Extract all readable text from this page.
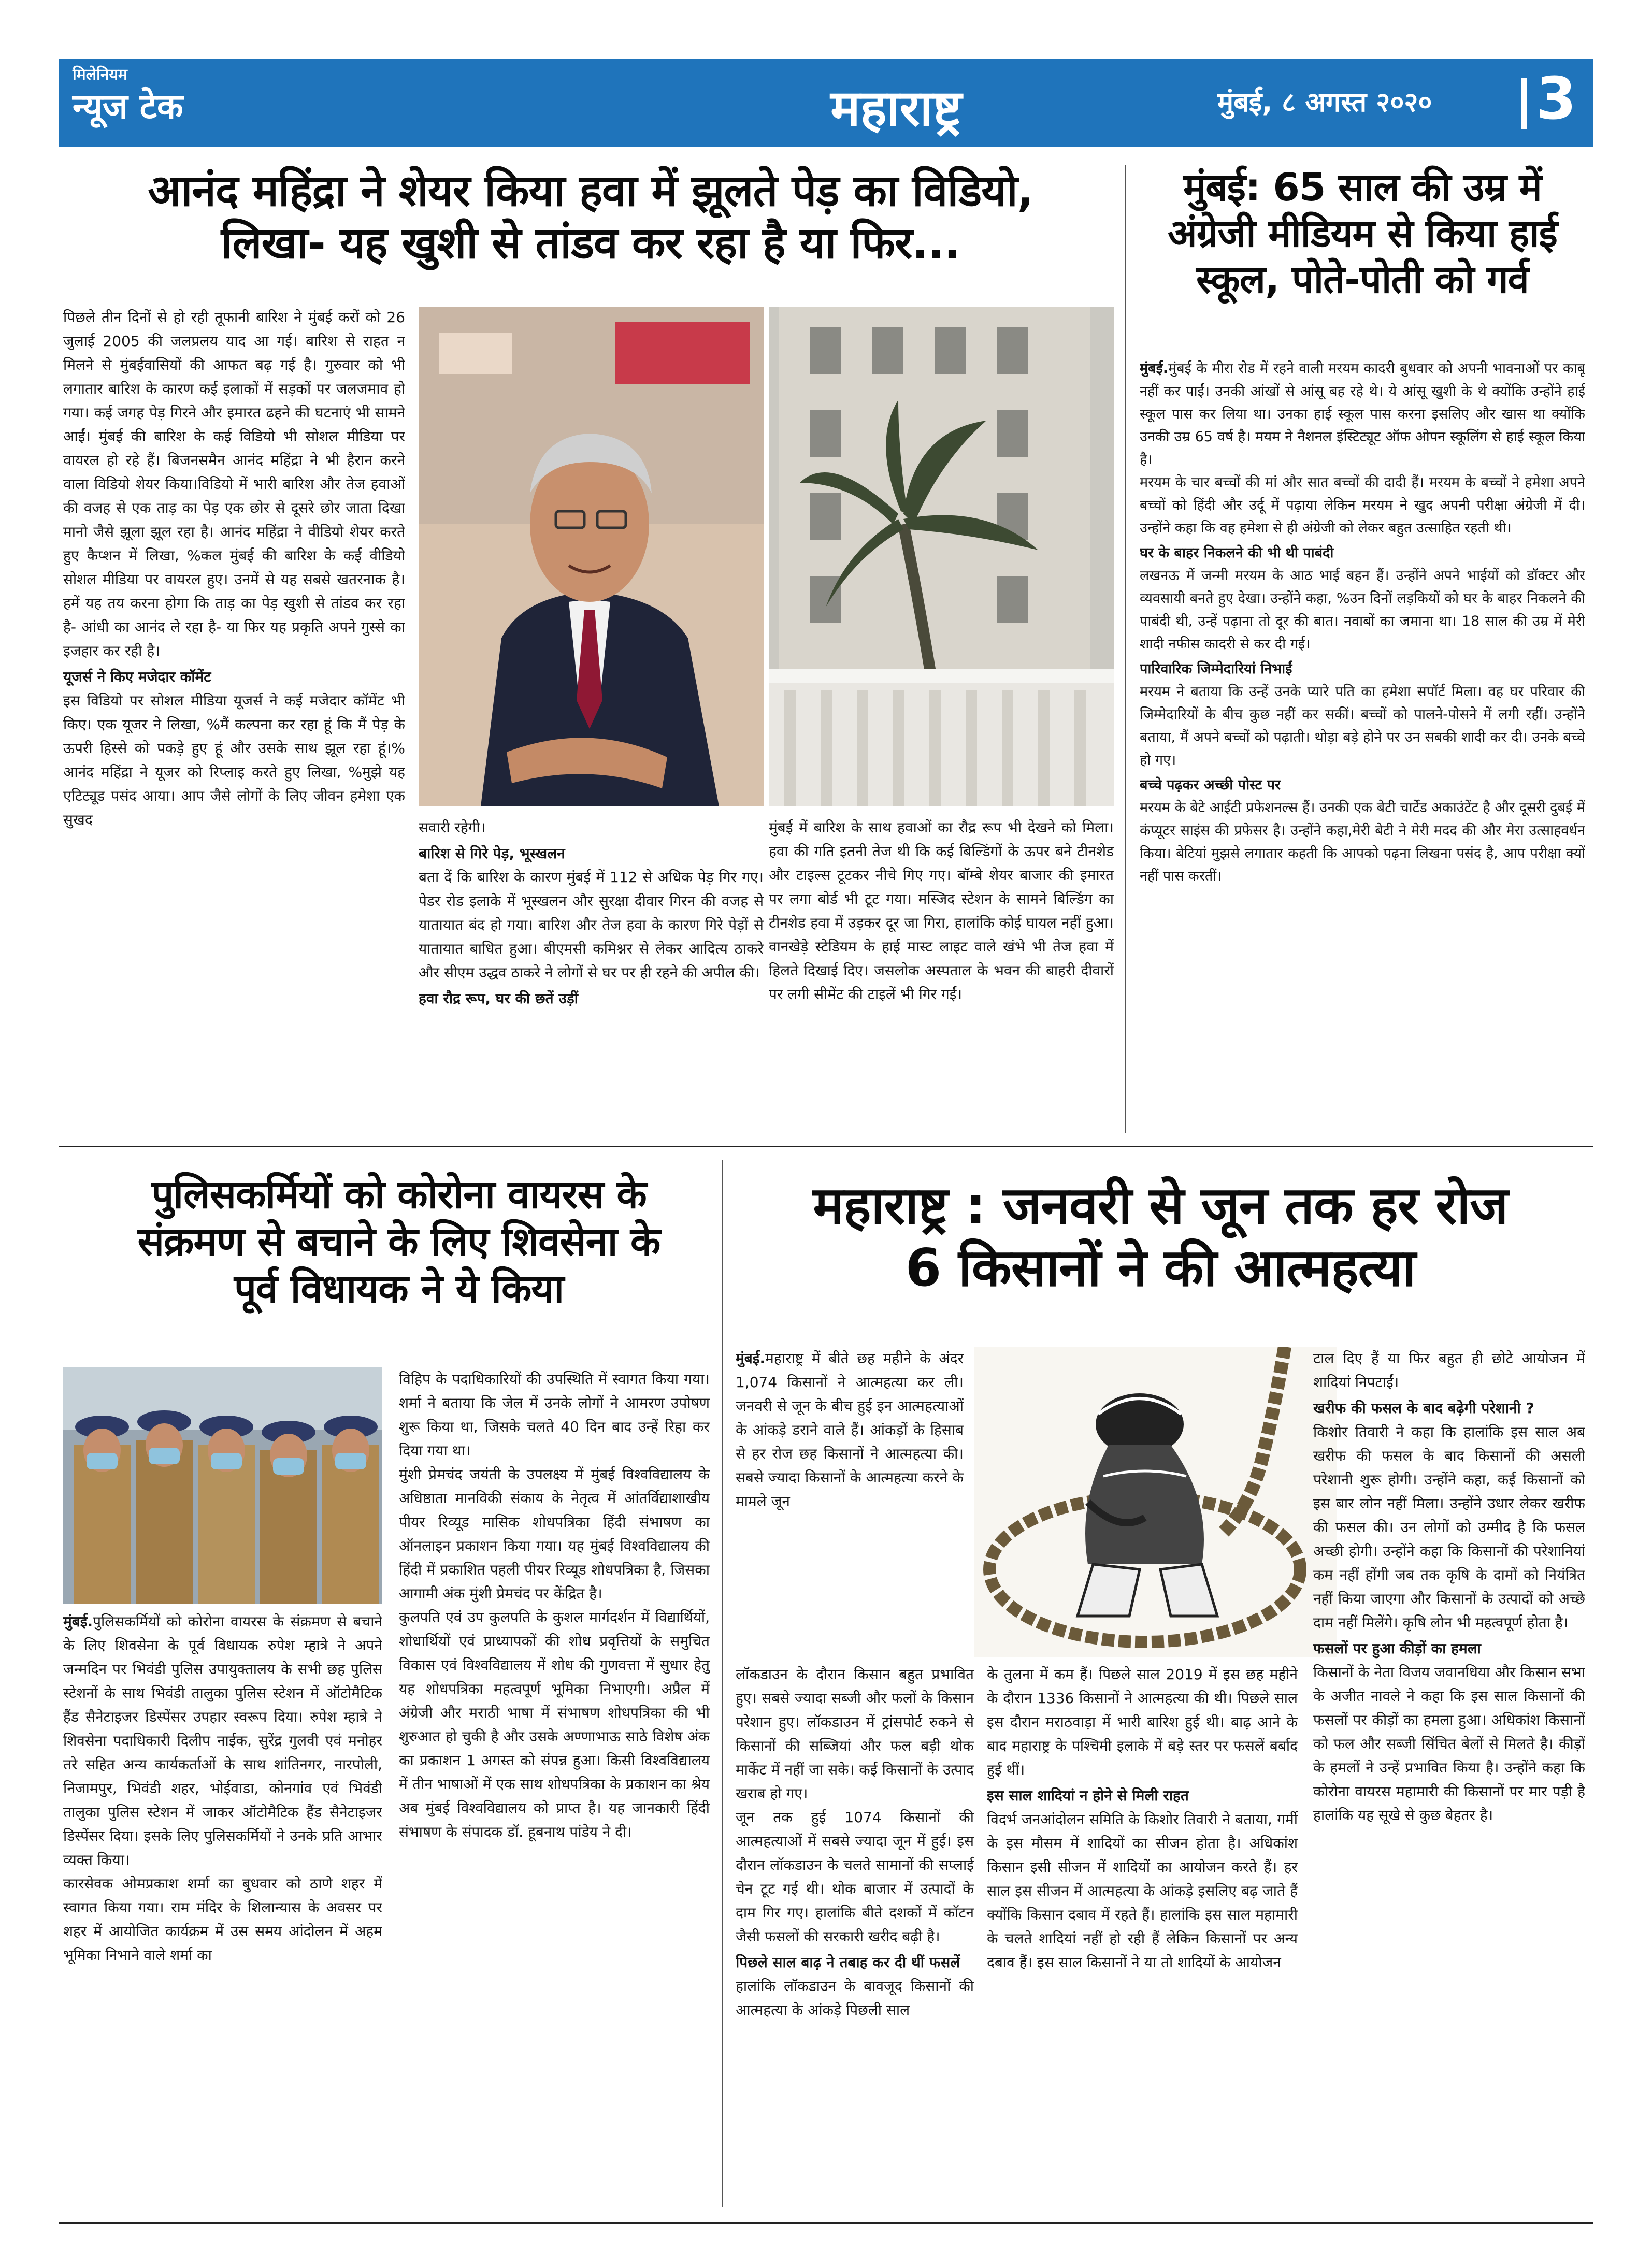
मिलेनियम
न्यूज टेक	महाराष्ट्र	मुंबई, ८ अगस्त २०२० 3
आनंद महिंद्रा ने शेयर किया हवा में झूलते पेड़ का विडियो,
लिखा- यह खुशी से तांडव कर रहा है या फिर...

पिछले तीन दिनों से हो रही तूफानी बारिश ने मुंबई करों को 26 जुलाई 2005 की जलप्रलय याद आ गई। बारिश से राहत न मिलने से मुंबईवासियों की आफत बढ़ गई है। गुरुवार को भी लगातार बारिश के कारण कई इलाकों में सड़कों पर जलजमाव हो गया। कई जगह पेड़ गिरने और इमारत ढहने की घटनाएं भी सामने आईं। मुंबई की बारिश के कई विडियो भी सोशल मीडिया पर वायरल हो रहे हैं। बिजनसमैन आनंद महिंद्रा ने भी हैरान करने वाला विडियो शेयर किया।विडियो में भारी बारिश और तेज हवाओं की वजह से एक ताड़ का पेड़ एक छोर से दूसरे छोर जाता दिखा मानो जैसे झूला झूल रहा है। आनंद महिंद्रा ने वीडियो शेयर करते हुए कैप्शन में लिखा, %कल मुंबई की बारिश के कई वीडियो सोशल मीडिया पर वायरल हुए। उनमें से यह सबसे खतरनाक है। हमें यह तय करना होगा कि ताड़ का पेड़ खुशी से तांडव कर रहा है- आंधी का आनंद ले रहा है- या फिर यह प्रकृति अपने गुस्से का इजहार कर रही है।

यूजर्स ने किए मजेदार कॉमेंट

इस विडियो पर सोशल मीडिया यूजर्स ने कई मजेदार कॉमेंट भी किए। एक यूजर ने लिखा, %मैं कल्पना कर रहा हूं कि मैं पेड़ के ऊपरी हिस्से को पकड़े हुए हूं और उसके साथ झूल रहा हूं।% आनंद महिंद्रा ने यूजर को रिप्लाइ करते हुए लिखा, %मुझे यह एटिट्यूड पसंद आया। आप जैसे लोगों के लिए जीवन हमेशा एक सुखद	सवारी रहेगी।

बारिश से गिरे पेड़, भूस्खलन

बता दें कि बारिश के कारण मुंबई में 112 से अधिक पेड़ गिर गए। पेडर रोड इलाके में भूस्खलन और सुरक्षा दीवार गिरन की वजह से यातायात बंद हो गया। बारिश और तेज हवा के कारण गिरे पेड़ों से यातायात बाधित हुआ। बीएमसी कमिश्नर से लेकर आदित्य ठाकरे और सीएम उद्धव ठाकरे ने लोगों से घर पर ही रहने की अपील की।

हवा रौद्र रूप, घर की छतें उड़ीं

मुंबई में बारिश के साथ हवाओं का रौद्र रूप भी देखने को मिला। हवा की गति इतनी तेज थी कि कई बिल्डिंगों के ऊपर बने टीनशेड और टाइल्स टूटकर नीचे गिए गए। बॉम्बे शेयर बाजार की इमारत पर लगा बोर्ड भी टूट गया। मस्जिद स्टेशन के सामने बिल्डिंग का टीनशेड हवा में उड़कर दूर जा गिरा, हालांकि कोई घायल नहीं हुआ। वानखेड़े स्टेडियम के हाई मास्ट लाइट वाले खंभे भी तेज हवा में हिलते दिखाई दिए। जसलोक अस्पताल के भवन की बाहरी दीवारों पर लगी सीमेंट की टाइलें भी गिर गईं।

मुंबई: 65 साल की उम्र में अंग्रेजी मीडियम से किया हाई स्कूल, पोते-पोती को गर्व

मुंबई.मुंबई के मीरा रोड में रहने वाली मरयम कादरी बुधवार को अपनी भावनाओं पर काबू नहीं कर पाईं। उनकी आंखों से आंसू बह रहे थे। ये आंसू खुशी के थे क्योंकि उन्होंने हाई स्कूल पास कर लिया था। उनका हाई स्कूल पास करना इसलिए और खास था क्योंकि उनकी उम्र 65 वर्ष है। मयम ने नैशनल इंस्टिट्यूट ऑफ ओपन स्कूलिंग से हाई स्कूल किया है।

मरयम के चार बच्चों की मां और सात बच्चों की दादी हैं। मरयम के बच्चों ने हमेशा अपने बच्चों को हिंदी और उर्दू में पढ़ाया लेकिन मरयम ने खुद अपनी परीक्षा अंग्रेजी में दी। उन्होंने कहा कि वह हमेशा से ही अंग्रेजी को लेकर बहुत उत्साहित रहती थी।

घर के बाहर निकलने की भी थी पाबंदी

लखनऊ में जन्मी मरयम के आठ भाई बहन हैं। उन्होंने अपने भाईयों को डॉक्टर और व्यवसायी बनते हुए देखा। उन्होंने कहा, %उन दिनों लड़कियों को घर के बाहर निकलने की पाबंदी थी, उन्हें पढ़ाना तो दूर की बात। नवाबों का जमाना था। 18 साल की उम्र में मेरी शादी नफीस कादरी से कर दी गई।

पारिवारिक जिम्मेदारियां निभाईं

मरयम ने बताया कि उन्हें उनके प्यारे पति का हमेशा सपॉर्ट मिला। वह घर परिवार की जिम्मेदारियों के बीच कुछ नहीं कर सकीं। बच्चों को पालने-पोसने में लगी रहीं। उन्होंने बताया, मैं अपने बच्चों को पढ़ाती। थोड़ा बड़े होने पर उन सबकी शादी कर दी। उनके बच्चे हो गए।

बच्चे पढ़कर अच्छी पोस्ट पर

मरयम के बेटे आईटी प्रफेशनल्स हैं। उनकी एक बेटी चार्टेड अकाउंटेंट है और दूसरी दुबई में कंप्यूटर साइंस की प्रफेसर है। उन्होंने कहा,मेरी बेटी ने मेरी मदद की और मेरा उत्साहवर्धन किया। बेटियां मुझसे लगातार कहती कि आपको पढ़ना लिखना पसंद है, आप परीक्षा क्यों नहीं पास करतीं।

पुलिसकर्मियों को कोरोना वायरस के
संक्रमण से बचाने के लिए शिवसेना के
पूर्व विधायक ने ये किया

मुंबई.पुलिसकर्मियों को कोरोना वायरस के संक्रमण से बचाने के लिए शिवसेना के पूर्व विधायक रुपेश म्हात्रे ने अपने जन्मदिन पर भिवंडी पुलिस उपायुक्तालय के सभी छह पुलिस स्टेशनों के साथ भिवंडी तालुका पुलिस स्टेशन में ऑटोमैटिक हैंड सैनेटाइजर डिस्पेंसर उपहार स्वरूप दिया। रुपेश म्हात्रे ने शिवसेना पदाधिकारी दिलीप नाईक, सुरेंद्र गुलवी एवं मनोहर तरे सहित अन्य कार्यकर्ताओं के साथ शांतिनगर, नारपोली, निजामपुर, भिवंडी शहर, भोईवाडा, कोनगांव एवं भिवंडी तालुका पुलिस स्टेशन में जाकर ऑटोमैटिक हैंड सैनेटाइजर डिस्पेंसर दिया। इसके लिए पुलिसकर्मियों ने उनके प्रति आभार व्यक्त किया।

कारसेवक ओमप्रकाश शर्मा का बुधवार को ठाणे शहर में स्वागत किया गया। राम मंदिर के शिलान्यास के अवसर पर शहर में आयोजित कार्यक्रम में उस समय आंदोलन में अहम भूमिका निभाने वाले शर्मा का

विहिप के पदाधिकारियों की उपस्थिति में स्वागत किया गया। शर्मा ने बताया कि जेल में उनके लोगों ने आमरण उपोषण शुरू किया था, जिसके चलते 40 दिन बाद उन्हें रिहा कर दिया गया था।

मुंशी प्रेमचंद जयंती के उपलक्ष्य में मुंबई विश्वविद्यालय के अधिष्ठाता मानविकी संकाय के नेतृत्व में आंतर्विद्याशाखीय पीयर रिव्यूड मासिक शोधपत्रिका हिंदी संभाषण का ऑनलाइन प्रकाशन किया गया। यह मुंबई विश्वविद्यालय की हिंदी में प्रकाशित पहली पीयर रिव्यूड शोधपत्रिका है, जिसका आगामी अंक मुंशी प्रेमचंद पर केंद्रित है।

कुलपति एवं उप कुलपति के कुशल मार्गदर्शन में विद्यार्थियों, शोधार्थियों एवं प्राध्यापकों की शोध प्रवृत्तियों के समुचित विकास एवं विश्वविद्यालय में शोध की गुणवत्ता में सुधार हेतु यह शोधपत्रिका महत्वपूर्ण भूमिका निभाएगी। अप्रैल में अंग्रेजी और मराठी भाषा में संभाषण शोधपत्रिका की भी शुरुआत हो चुकी है और उसके अण्णाभाऊ साठे विशेष अंक का प्रकाशन 1 अगस्त को संपन्न हुआ। किसी विश्वविद्यालय में तीन भाषाओं में एक साथ शोधपत्रिका के प्रकाशन का श्रेय अब मुंबई विश्वविद्यालय को प्राप्त है। यह जानकारी हिंदी संभाषण के संपादक डॉ. हूबनाथ पांडेय ने दी।

महाराष्ट्र : जनवरी से जून तक हर रोज
6 किसानों ने की आत्महत्या

मुंबई.महाराष्ट्र में बीते छह महीने के अंदर 1,074 किसानों ने आत्महत्या कर ली। जनवरी से जून के बीच हुई इन आत्महत्याओं के आंकड़े डराने वाले हैं। आंकड़ों के हिसाब से हर रोज छह किसानों ने आत्महत्या की। सबसे ज्यादा किसानों के आत्महत्या करने के मामले जून

लॉकडाउन के दौरान किसान बहुत प्रभावित हुए। सबसे ज्यादा सब्जी और फलों के किसान परेशान हुए। लॉकडाउन में ट्रांसपोर्ट रुकने से किसानों की सब्जियां और फल बड़ी थोक मार्केट में नहीं जा सके। कई किसानों के उत्पाद खराब हो गए।

जून तक हुई 1074 किसानों की आत्महत्याओं में सबसे ज्यादा जून में हुई। इस दौरान लॉकडाउन के चलते सामानों की सप्लाई चेन टूट गई थी। थोक बाजार में उत्पादों के दाम गिर गए। हालांकि बीते दशकों में कॉटन जैसी फसलों की सरकारी खरीद बढ़ी है।

पिछले साल बाढ़ ने तबाह कर दी थीं फसलें

हालांकि लॉकडाउन के बावजूद किसानों की आत्महत्या के आंकड़े पिछली साल

के तुलना में कम हैं। पिछले साल 2019 में इस छह महीने के दौरान 1336 किसानों ने आत्महत्या की थी। पिछले साल इस दौरान मराठवाड़ा में भारी बारिश हुई थी। बाढ़ आने के बाद महाराष्ट्र के पश्चिमी इलाके में बड़े स्तर पर फसलें बर्बाद हुई थीं।

इस साल शादियां न होने से मिली राहत

विदर्भ जनआंदोलन समिति के किशोर तिवारी ने बताया, गर्मी के इस मौसम में शादियों का सीजन होता है। अधिकांश किसान इसी सीजन में शादियों का आयोजन करते हैं। हर साल इस सीजन में आत्महत्या के आंकड़े इसलिए बढ़ जाते हैं क्योंकि किसान दबाव में रहते हैं। हालांकि इस साल महामारी के चलते शादियां नहीं हो रही हैं लेकिन किसानों पर अन्य दबाव हैं। इस साल किसानों ने या तो शादियों के आयोजन

टाल दिए हैं या फिर बहुत ही छोटे आयोजन में शादियां निपटाईं।

खरीफ की फसल के बाद बढ़ेगी परेशानी ?

किशोर तिवारी ने कहा कि हालांकि इस साल अब खरीफ की फसल के बाद किसानों की असली परेशानी शुरू होगी। उन्होंने कहा, कई किसानों को इस बार लोन नहीं मिला। उन्होंने उधार लेकर खरीफ की फसल की। उन लोगों को उम्मीद है कि फसल अच्छी होगी। उन्होंने कहा कि किसानों की परेशानियां कम नहीं होंगी जब तक कृषि के दामों को नियंत्रित नहीं किया जाएगा और किसानों के उत्पादों को अच्छे दाम नहीं मिलेंगे। कृषि लोन भी महत्वपूर्ण होता है।

फसलों पर हुआ कीड़ों का हमला

किसानों के नेता विजय जवानधिया और किसान सभा के अजीत नावले ने कहा कि इस साल किसानों की फसलों पर कीड़ों का हमला हुआ। अधिकांश किसानों को फल और सब्जी सिंचित बेलों से मिलते है। कीड़ों के हमलों ने उन्हें प्रभावित किया है। उन्होंने कहा कि कोरोना वायरस महामारी की किसानों पर मार पड़ी है हालांकि यह सूखे से कुछ बेहतर है।
